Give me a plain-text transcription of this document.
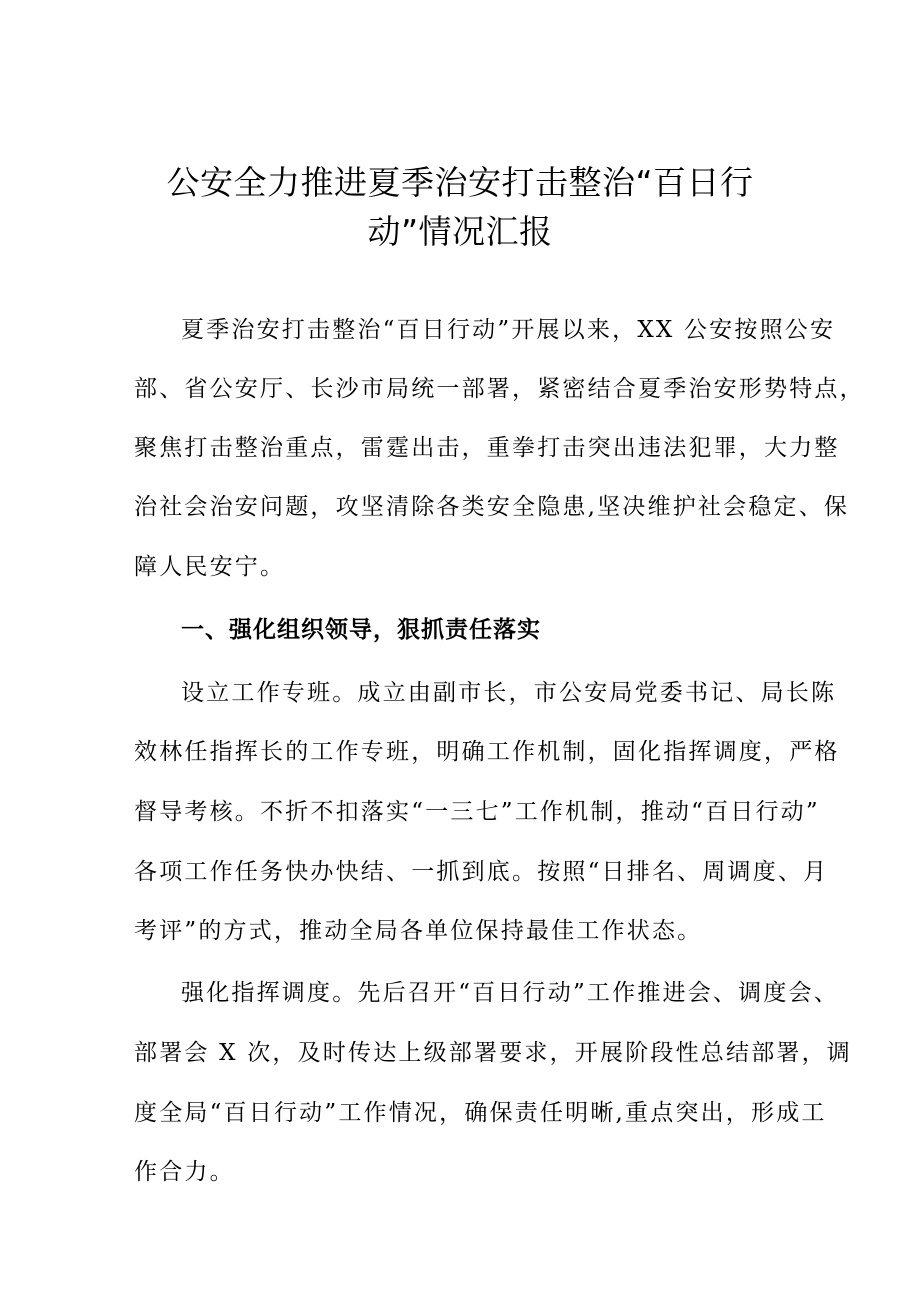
公安全力推进夏季治安打击整治“百日行
动”情况汇报
夏季治安打击整治“百日行动”开展以来，XX 公安按照公安
部、省公安厅、长沙市局统一部署，紧密结合夏季治安形势特点，
聚焦打击整治重点，雷霆出击，重拳打击突出违法犯罪，大力整
治社会治安问题，攻坚清除各类安全隐患,坚决维护社会稳定、保
障人民安宁。
一、强化组织领导，狠抓责任落实
设立工作专班。成立由副市长，市公安局党委书记、局长陈
效林任指挥长的工作专班，明确工作机制，固化指挥调度，严格
督导考核。不折不扣落实“一三七”工作机制，推动“百日行动”
各项工作任务快办快结、一抓到底。按照“日排名、周调度、月
考评”的方式，推动全局各单位保持最佳工作状态。
强化指挥调度。先后召开“百日行动”工作推进会、调度会、
部署会 X 次，及时传达上级部署要求，开展阶段性总结部署，调
度全局“百日行动”工作情况，确保责任明晰,重点突出，形成工
作合力。
